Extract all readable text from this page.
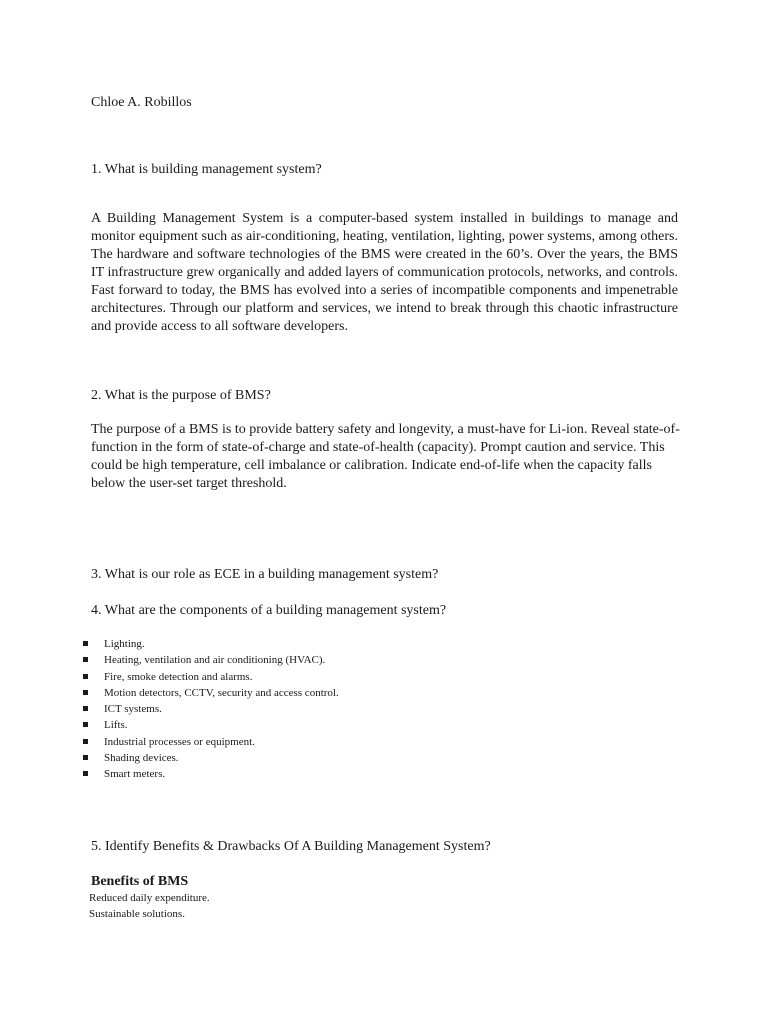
Chloe A. Robillos

1. What is building management system?

A Building Management System is a computer-based system installed in buildings to manage and monitor equipment such as air-conditioning, heating, ventilation, lighting, power systems, among others. The hardware and software technologies of the BMS were created in the 60’s. Over the years, the BMS IT infrastructure grew organically and added layers of communication protocols, networks, and controls. Fast forward to today, the BMS has evolved into a series of incompatible components and impenetrable architectures. Through our platform and services, we intend to break through this chaotic infrastructure and provide access to all software developers.

2. What is the purpose of BMS?

The purpose of a BMS is to provide battery safety and longevity, a must-have for Li-ion. Reveal state-of-function in the form of state-of-charge and state-of-health (capacity). Prompt caution and service. This could be high temperature, cell imbalance or calibration. Indicate end-of-life when the capacity falls below the user-set target threshold.

3. What is our role as ECE in a building management system?

4. What are the components of a building management system?

Lighting.
Heating, ventilation and air conditioning (HVAC).
Fire, smoke detection and alarms.
Motion detectors, CCTV, security and access control.
ICT systems.
Lifts.
Industrial processes or equipment.
Shading devices.
Smart meters.

5. Identify Benefits & Drawbacks Of A Building Management System?

Benefits of BMS

Reduced daily expenditure.

Sustainable solutions.
